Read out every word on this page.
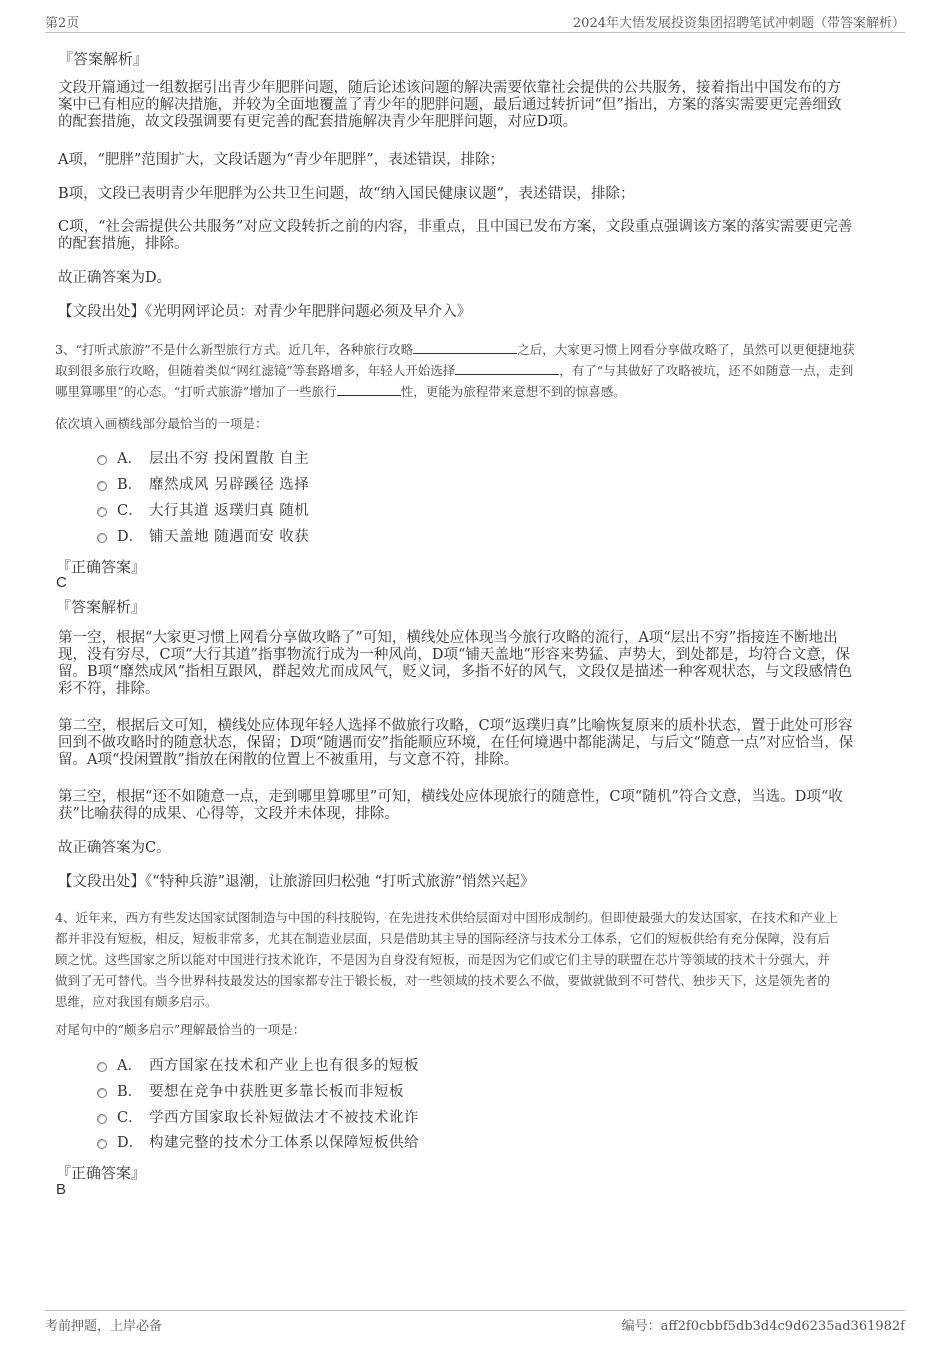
第2页	2024年大悟发展投资集团招聘笔试冲刺题（带答案解析）
『答案解析』
文段开篇通过一组数据引出青少年肥胖问题，随后论述该问题的解决需要依靠社会提供的公共服务，接着指出中国发布的方
案中已有相应的解决措施，并较为全面地覆盖了青少年的肥胖问题，最后通过转折词“但”指出，方案的落实需要更完善细致
的配套措施，故文段强调要有更完善的配套措施解决青少年肥胖问题，对应D项。
A项，“肥胖”范围扩大，文段话题为“青少年肥胖”，表述错误，排除；
B项，文段已表明青少年肥胖为公共卫生问题，故“纳入国民健康议题”，表述错误，排除；
C项，“社会需提供公共服务”对应文段转折之前的内容，非重点，且中国已发布方案，文段重点强调该方案的落实需要更完善
的配套措施，排除。
故正确答案为D。
【文段出处】《光明网评论员：对青少年肥胖问题必须及早介入》
3、“打听式旅游”不是什么新型旅行方式。近几年，各种旅行攻略	之后，大家更习惯上网看分享做攻略了，虽然可以更便捷地获
取到很多旅行攻略，但随着类似“网红滤镜”等套路增多，年轻人开始选择	，有了“与其做好了攻略被坑，还不如随意一点，走到
哪里算哪里”的心态。“打听式旅游”增加了一些旅行	性，更能为旅程带来意想不到的惊喜感。
依次填入画横线部分最恰当的一项是：
A． 层出不穷 投闲置散 自主
B． 靡然成风 另辟蹊径 选择
C． 大行其道 返璞归真 随机
D． 铺天盖地 随遇而安 收获
『正确答案』
C
『答案解析』
第一空，根据“大家更习惯上网看分享做攻略了”可知，横线处应体现当今旅行攻略的流行，A项“层出不穷”指接连不断地出
现，没有穷尽，C项“大行其道”指事物流行成为一种风尚，D项“铺天盖地”形容来势猛、声势大，到处都是，均符合文意，保
留。B项“靡然成风”指相互跟风，群起效尤而成风气，贬义词，多指不好的风气，文段仅是描述一种客观状态，与文段感情色
彩不符，排除。
第二空，根据后文可知，横线处应体现年轻人选择不做旅行攻略，C项“返璞归真”比喻恢复原来的质朴状态，置于此处可形容
回到不做攻略时的随意状态，保留；D项“随遇而安”指能顺应环境，在任何境遇中都能满足，与后文“随意一点”对应恰当，保
留。A项“投闲置散”指放在闲散的位置上不被重用，与文意不符，排除。
第三空，根据“还不如随意一点，走到哪里算哪里”可知，横线处应体现旅行的随意性，C项“随机”符合文意，当选。D项“收
获”比喻获得的成果、心得等，文段并未体现，排除。
故正确答案为C。
【文段出处】《“特种兵游”退潮，让旅游回归松弛 “打听式旅游”悄然兴起》
4、近年来，西方有些发达国家试图制造与中国的科技脱钩，在先进技术供给层面对中国形成制约。但即使最强大的发达国家，在技术和产业上
都并非没有短板，相反，短板非常多，尤其在制造业层面，只是借助其主导的国际经济与技术分工体系，它们的短板供给有充分保障，没有后
顾之忧。这些国家之所以能对中国进行技术讹诈，不是因为自身没有短板，而是因为它们或它们主导的联盟在芯片等领域的技术十分强大，并
做到了无可替代。当今世界科技最发达的国家都专注于锻长板，对一些领域的技术要么不做，要做就做到不可替代、独步天下，这是领先者的
思维，应对我国有颇多启示。
对尾句中的“颇多启示”理解最恰当的一项是：
A． 西方国家在技术和产业上也有很多的短板
B． 要想在竞争中获胜更多靠长板而非短板
C． 学西方国家取长补短做法才不被技术讹诈
D． 构建完整的技术分工体系以保障短板供给
『正确答案』
B
考前押题，上岸必备	编号：aff2f0cbbf5db3d4c9d6235ad361982f
